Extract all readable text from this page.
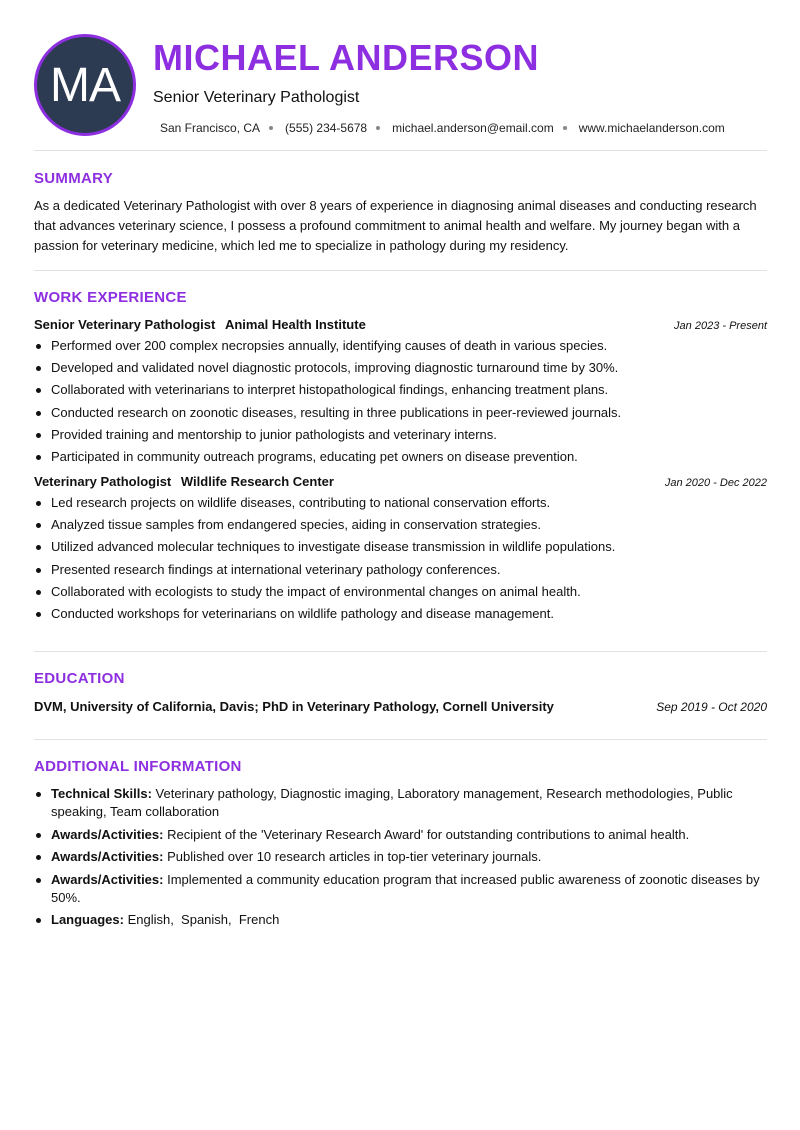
MA
MICHAEL ANDERSON
Senior Veterinary Pathologist
San Francisco, CA (555) 234-5678 michael.anderson@email.com www.michaelanderson.com
SUMMARY

As a dedicated Veterinary Pathologist with over 8 years of experience in diagnosing animal diseases and conducting research that advances veterinary science, I possess a profound commitment to animal health and welfare. My journey began with a passion for veterinary medicine, which led me to specialize in pathology during my residency.

WORK EXPERIENCE
Senior Veterinary Pathologist Animal Health Institute	Jan 2023 - Present
Performed over 200 complex necropsies annually, identifying causes of death in various species.
Developed and validated novel diagnostic protocols, improving diagnostic turnaround time by 30%.
Collaborated with veterinarians to interpret histopathological findings, enhancing treatment plans.
Conducted research on zoonotic diseases, resulting in three publications in peer-reviewed journals.
Provided training and mentorship to junior pathologists and veterinary interns.
Participated in community outreach programs, educating pet owners on disease prevention.
Veterinary Pathologist Wildlife Research Center	Jan 2020 - Dec 2022
Led research projects on wildlife diseases, contributing to national conservation efforts.
Analyzed tissue samples from endangered species, aiding in conservation strategies.
Utilized advanced molecular techniques to investigate disease transmission in wildlife populations.
Presented research findings at international veterinary pathology conferences.
Collaborated with ecologists to study the impact of environmental changes on animal health.
Conducted workshops for veterinarians on wildlife pathology and disease management.
EDUCATION
DVM, University of California, Davis; PhD in Veterinary Pathology, Cornell University	Sep 2019 - Oct 2020
ADDITIONAL INFORMATION
Technical Skills: Veterinary pathology, Diagnostic imaging, Laboratory management, Research methodologies, Public speaking, Team collaboration
Awards/Activities: Recipient of the 'Veterinary Research Award' for outstanding contributions to animal health.
Awards/Activities: Published over 10 research articles in top-tier veterinary journals.
Awards/Activities: Implemented a community education program that increased public awareness of zoonotic diseases by 50%.
Languages: English,  Spanish,  French
